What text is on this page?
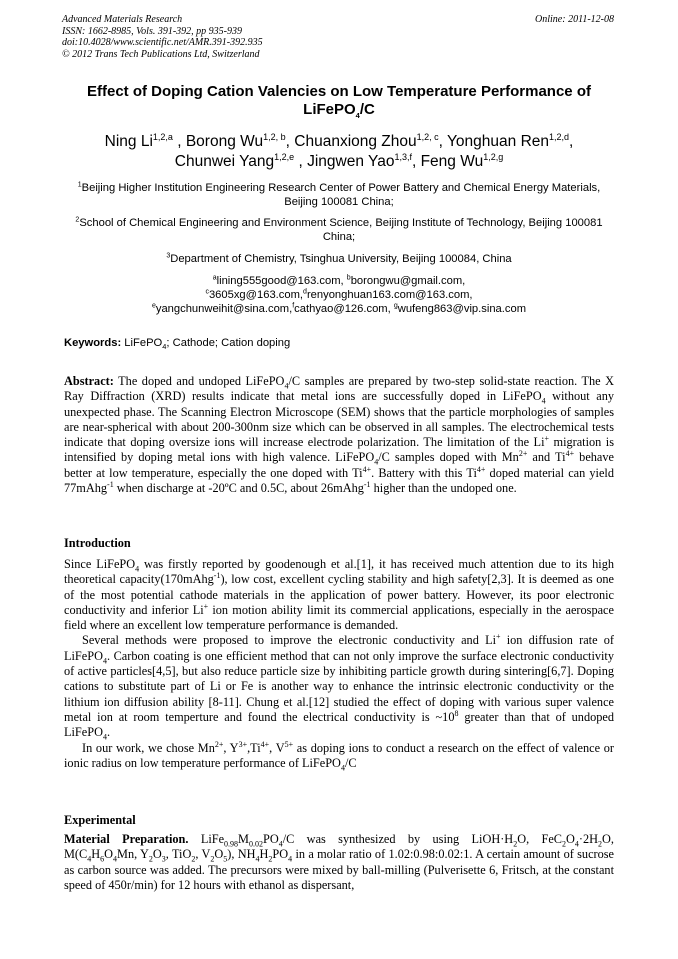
Advanced Materials Research
ISSN: 1662-8985, Vols. 391-392, pp 935-939
doi:10.4028/www.scientific.net/AMR.391-392.935
© 2012 Trans Tech Publications Ltd, Switzerland
Online: 2011-12-08
Effect of Doping Cation Valencies on Low Temperature Performance of
LiFePO$_4$/C
Ning Li$^{1,2,a}$ , Borong Wu$^{1,2, b}$, Chuanxiong Zhou$^{1,2, c}$, Yonghuan Ren$^{1,2,d}$,
Chunwei Yang$^{1,2,e}$ , Jingwen Yao$^{1,3,f}$, Feng Wu$^{1,2,g}$
$^1$Beijing Higher Institution Engineering Research Center of Power Battery and Chemical Energy Materials, Beijing 100081 China;
$^2$School of Chemical Engineering and Environment Science, Beijing Institute of Technology, Beijing 100081 China;
$^3$Department of Chemistry, Tsinghua University, Beijing 100084, China
$^a$lining555good@163.com, $^b$borongwu@gmail.com,
$^c$3605xg@163.com,$^d$renyonghuan163.com@163.com,
$^e$yangchunweihit@sina.com,$^f$cathyao@126.com, $^g$wufeng863@vip.sina.com
Keywords: LiFePO$_4$; Cathode; Cation doping

Abstract: The doped and undoped LiFePO$_4$/C samples are prepared by two-step solid-state reaction. The X Ray Diffraction (XRD) results indicate that metal ions are successfully doped in LiFePO$_4$ without any unexpected phase. The Scanning Electron Microscope (SEM) shows that the particle morphologies of samples are near-spherical with about 200-300nm size which can be observed in all samples. The electrochemical tests indicate that doping oversize ions will increase electrode polarization. The limitation of the Li+ migration is intensified by doping metal ions with high valence. LiFePO$_4$/C samples doped with $Mn^{2+}$ and $Ti^{4+}$ behave better at low temperature, especially the one doped with $Ti^{4+}$. Battery with this $Ti^{4+}$ doped material can yield 77mAhg$^{-1}$ when discharge at -20ºC and 0.5C, about 26mAhg$^{-1}$ higher than the undoped one.

Introduction

Since LiFePO$_4$ was firstly reported by goodenough et al.[1], it has received much attention due to its high theoretical capacity(170mAhg$^{-1}$), low cost, excellent cycling stability and high safety[2,3]. It is deemed as one of the most potential cathode materials in the application of power battery. However, its poor electronic conductivity and inferior Li+ ion motion ability limit its commercial applications, especially in the aerospace field where an excellent low temperature performance is demanded.

Several methods were proposed to improve the electronic conductivity and Li+ ion diffusion rate of LiFePO$_4$. Carbon coating is one efficient method that can not only improve the surface electronic conductivity of active particles[4,5], but also reduce particle size by inhibiting particle growth during sintering[6,7]. Doping cations to substitute part of Li or Fe is another way to enhance the intrinsic electronic conductivity or the lithium ion diffusion ability [8-11]. Chung et al.[12] studied the effect of doping with various super valence metal ion at room temperture and found the electrical conductivity is $\sim 10^8$ greater than that of undoped LiFePO$_4$.

In our work, we chose $Mn^{2+}$, $Y^{3+},Ti^{4+}$, $V^{5+}$ as doping ions to conduct a research on the effect of valence or ionic radius on low temperature performance of LiFePO$_4$/C

Experimental

Material Preparation. $LiFe_{0.98}M_{0.02}PO_4/C$ was synthesized by using $LiOH\cdot H_2O$, $FeC_2O_4\cdot 2H_2O$, $M(C_4H_6O_4Mn$, $Y_2O_3$, TiO$_2$, $V_2O_5$), $NH_4H_2PO_4$ in a molar ratio of 1.02:0.98:0.02:1. A certain amount of sucrose as carbon source was added. The precursors were mixed by ball-milling (Pulverisette 6, Fritsch, at the constant speed of 450r/min) for 12 hours with ethanol as dispersant,
